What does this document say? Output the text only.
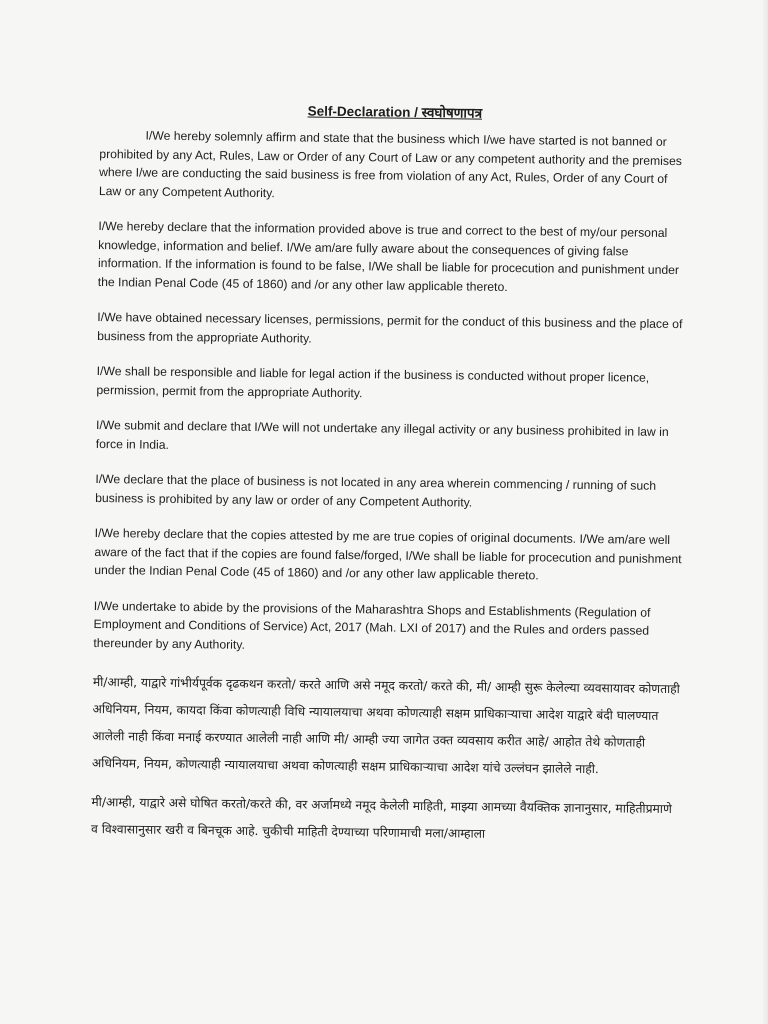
Self-Declaration / स्वघोषणापत्र

I/We hereby solemnly affirm and state that the business which I/we have started is not banned or prohibited by any Act, Rules, Law or Order of any Court of Law or any competent authority and the premises where I/we are conducting the said business is free from violation of any Act, Rules, Order of any Court of Law or any Competent Authority.

I/We hereby declare that the information provided above is true and correct to the best of my/our personal knowledge, information and belief. I/We am/are fully aware about the consequences of giving false information. If the information is found to be false, I/We shall be liable for procecution and punishment under the Indian Penal Code (45 of 1860) and /or any other law applicable thereto.

I/We have obtained necessary licenses, permissions, permit for the conduct of this business and the place of business from the appropriate Authority.

I/We shall be responsible and liable for legal action if the business is conducted without proper licence, permission, permit from the appropriate Authority.

I/We submit and declare that I/We will not undertake any illegal activity or any business prohibited in law in force in India.

I/We declare that the place of business is not located in any area wherein commencing / running of such business is prohibited by any law or order of any Competent Authority.

I/We hereby declare that the copies attested by me are true copies of original documents. I/We am/are well aware of the fact that if the copies are found false/forged, I/We shall be liable for procecution and punishment under the Indian Penal Code (45 of 1860) and /or any other law applicable thereto.

I/We undertake to abide by the provisions of the Maharashtra Shops and Establishments (Regulation of Employment and Conditions of Service) Act, 2017 (Mah. LXI of 2017) and the Rules and orders passed thereunder by any Authority.

मी/आम्ही, याद्वारे गांभीर्यपूर्वक दृढकथन करतो/ करते आणि असे नमूद करतो/ करते की, मी/ आम्ही सुरू केलेल्या व्यवसायावर कोणताही अधिनियम, नियम, कायदा किंवा कोणत्याही विधि न्यायालयाचा अथवा कोणत्याही सक्षम प्राधिकाऱ्याचा आदेश याद्वारे बंदी घालण्यात आलेली नाही किंवा मनाई करण्यात आलेली नाही आणि मी/ आम्ही ज्या जागेत उक्त व्यवसाय करीत आहे/ आहोत तेथे कोणताही अधिनियम, नियम, कोणत्याही न्यायालयाचा अथवा कोणत्याही सक्षम प्राधिकाऱ्याचा आदेश यांचे उल्लंघन झालेले नाही.

मी/आम्ही, याद्वारे असे घोषित करतो/करते की, वर अर्जामध्ये नमूद केलेली माहिती, माझ्या आमच्या वैयक्तिक ज्ञानानुसार, माहितीप्रमाणे व विश्वासानुसार खरी व बिनचूक आहे. चुकीची माहिती देण्याच्या परिणामाची मला/आम्हाला
